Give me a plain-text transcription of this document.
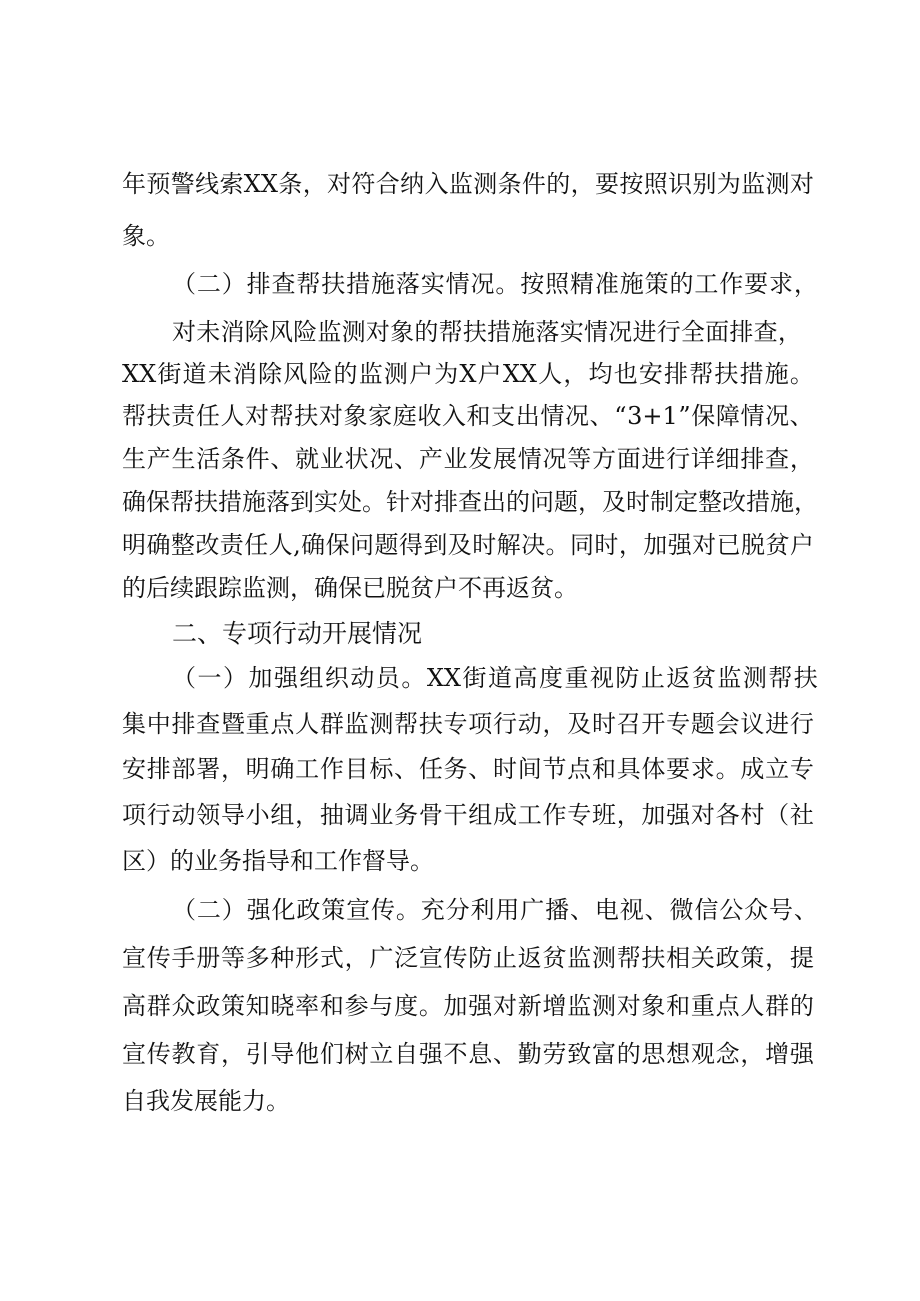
年 预 警 线 索 XX 条 ， 对 符 合 纳 入 监 测 条 件 的 ， 要 按 照 识 别 为 监 测 对
象。
（ 二 ） 排 查 帮 扶 措 施 落 实 情 况 。 按 照 精 准 施 策 的 工 作 要 求 ，
对 未 消 除 风 险 监 测 对 象 的 帮 扶 措 施 落 实 情 况 进 行 全 面 排 查 ，
XX 街 道 未 消 除 风 险 的 监 测 户 为 X 户 XX 人 ， 均 也 安 排 帮 扶 措 施 。
帮 扶 责 任 人 对 帮 扶 对 象 家 庭 收 入 和 支 出 情 况 、 “ 3+1 ” 保 障 情 况 、
生 产 生 活 条 件 、 就 业 状 况 、 产 业 发 展 情 况 等 方 面 进 行 详 细 排 查 ，
确 保 帮 扶 措 施 落 到 实 处 。 针 对 排 查 出 的 问 题 ， 及 时 制 定 整 改 措 施 ，
明 确 整 改 责 任 人 , 确 保 问 题 得 到 及 时 解 决 。 同 时 ， 加 强 对 已 脱 贫 户
的后续跟踪监测，确保已脱贫户不再返贫。
二、专项行动开展情况
（ 一 ） 加 强 组 织 动 员 。 XX 街 道 高 度 重 视 防 止 返 贫 监 测 帮 扶
集 中 排 查 暨 重 点 人 群 监 测 帮 扶 专 项 行 动 ， 及 时 召 开 专 题 会 议 进 行
安 排 部 署 ， 明 确 工 作 目 标 、 任 务 、 时 间 节 点 和 具 体 要 求 。 成 立 专
项 行 动 领 导 小 组 ， 抽 调 业 务 骨 干 组 成 工 作 专 班 ， 加 强 对 各 村 （ 社
区）的业务指导和工作督导。
（ 二 ） 强 化 政 策 宣 传 。 充 分 利 用 广 播 、 电 视 、 微 信 公 众 号 、
宣 传 手 册 等 多 种 形 式 ， 广 泛 宣 传 防 止 返 贫 监 测 帮 扶 相 关 政 策 ， 提
高 群 众 政 策 知 晓 率 和 参 与 度 。 加 强 对 新 增 监 测 对 象 和 重 点 人 群 的
宣 传 教 育 ， 引 导 他 们 树 立 自 强 不 息 、 勤 劳 致 富 的 思 想 观 念 ， 增 强
自我发展能力。
